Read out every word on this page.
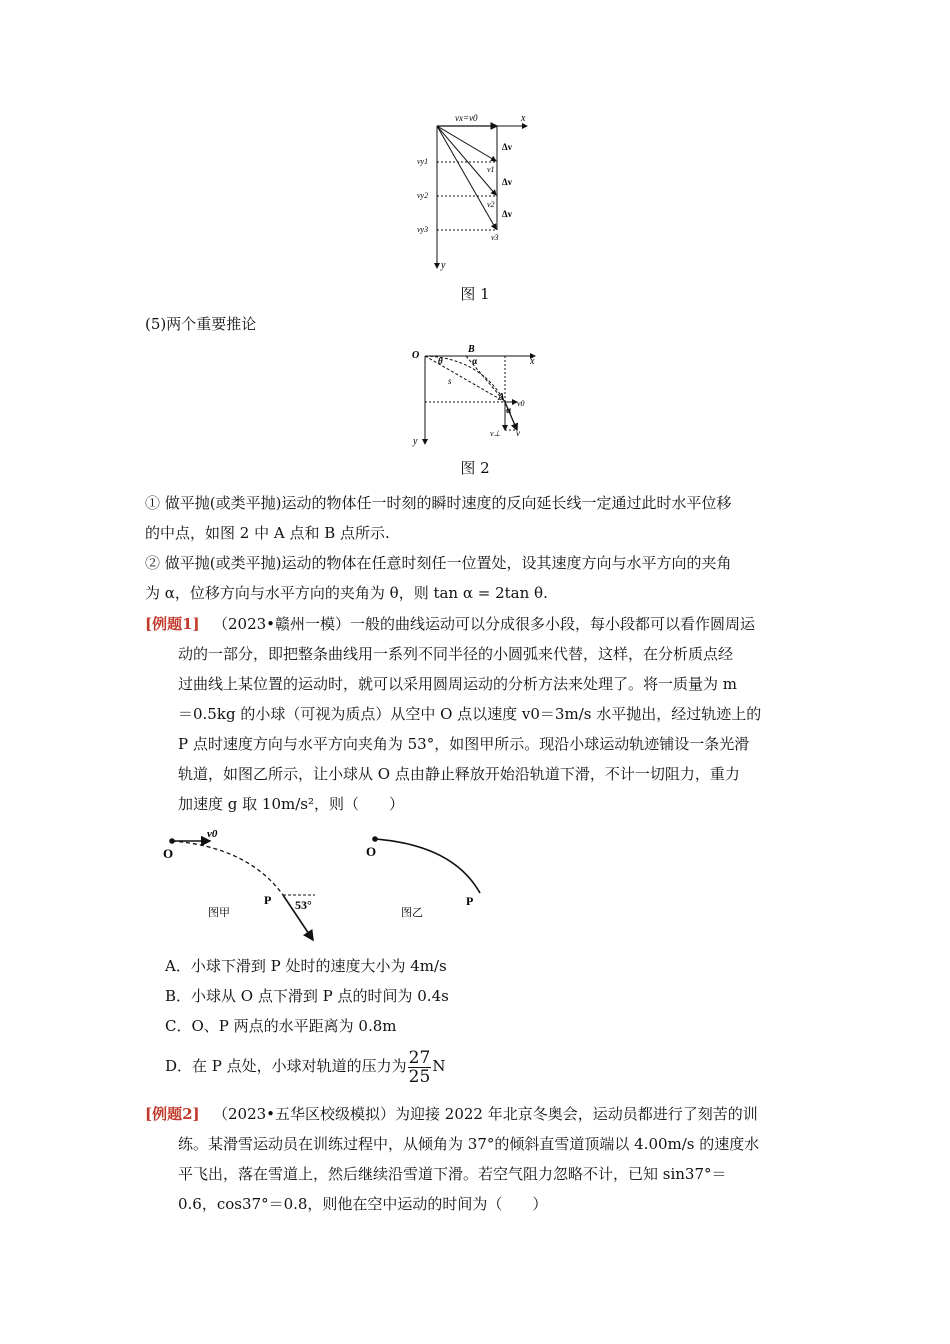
vx=v0	x
y
vy1
vy2
vy3
v1
v2
v3
Δv
Δv
Δv
图 1
(5)两个重要推论
O
B
α
θ
s
x
y
A
v0
α
v⊥ v
图 2
① 做平抛(或类平抛)运动的物体任一时刻的瞬时速度的反向延长线一定通过此时水平位移
的中点，如图 2 中 A 点和 B 点所示.
② 做平抛(或类平抛)运动的物体在任意时刻任一位置处，设其速度方向与水平方向的夹角
为 α，位移方向与水平方向的夹角为 θ，则 tan α = 2tan θ.
[例题1] （2023•赣州一模）一般的曲线运动可以分成很多小段，每小段都可以看作圆周运
动的一部分，即把整条曲线用一系列不同半径的小圆弧来代替，这样，在分析质点经
过曲线上某位置的运动时，就可以采用圆周运动的分析方法来处理了。将一质量为 m
＝0.5kg 的小球（可视为质点）从空中 O 点以速度 v0＝3m/s 水平抛出，经过轨迹上的
P 点时速度方向与水平方向夹角为 53°，如图甲所示。现沿小球运动轨迹铺设一条光滑
轨道，如图乙所示，让小球从 O 点由静止释放开始沿轨道下滑，不计一切阻力，重力
加速度 g 取 10m/s²，则（　　）
O
v0
P 53°
图甲
O
P
图乙
A．小球下滑到 P 处时的速度大小为 4m/s
B．小球从 O 点下滑到 P 点的时间为 0.4s
C．O、P 两点的水平距离为 0.8m
D．在 P 点处，小球对轨道的压力为 $\frac{27}{25}$ N
[例题2] （2023•五华区校级模拟）为迎接 2022 年北京冬奥会，运动员都进行了刻苦的训
练。某滑雪运动员在训练过程中，从倾角为 37°的倾斜直雪道顶端以 4.00m/s 的速度水
平飞出，落在雪道上，然后继续沿雪道下滑。若空气阻力忽略不计，已知 sin37°＝
0.6，cos37°＝0.8，则他在空中运动的时间为（　　）
